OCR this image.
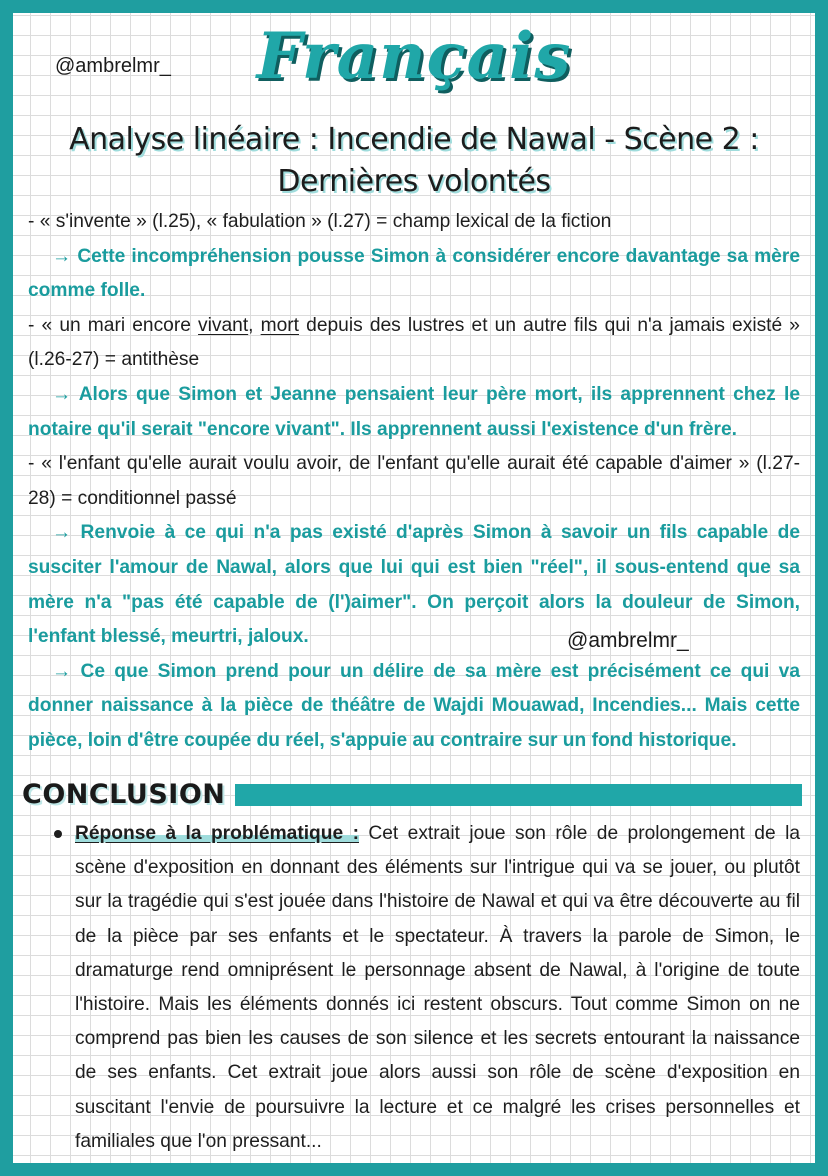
@ambrelmr_	Français
Analyse linéaire : Incendie de Nawal - Scène 2 : Dernières volontés

- « s'invente » (l.25), « fabulation » (l.27) = champ lexical de la fiction

→ Cette incompréhension pousse Simon à considérer encore davantage sa mère comme folle.

- « un mari encore vivant, mort depuis des lustres et un autre fils qui n'a jamais existé » (l.26-27) = antithèse

→ Alors que Simon et Jeanne pensaient leur père mort, ils apprennent chez le notaire qu'il serait "encore vivant". Ils apprennent aussi l'existence d'un frère.

- « l'enfant qu'elle aurait voulu avoir, de l'enfant qu'elle aurait été capable d'aimer » (l.27-28) = conditionnel passé

→ Renvoie à ce qui n'a pas existé d'après Simon à savoir un fils capable de susciter l'amour de Nawal, alors que lui qui est bien "réel", il sous-entend que sa mère n'a "pas été capable de (l')aimer". On perçoit alors la douleur de Simon, l'enfant blessé, meurtri, jaloux.

→ Ce que Simon prend pour un délire de sa mère est précisément ce qui va donner naissance à la pièce de théâtre de Wajdi Mouawad, Incendies... Mais cette pièce, loin d'être coupée du réel, s'appuie au contraire sur un fond historique.

@ambrelmr_
CONCLUSION
Réponse à la problématique : Cet extrait joue son rôle de prolongement de la scène d'exposition en donnant des éléments sur l'intrigue qui va se jouer, ou plutôt sur la tragédie qui s'est jouée dans l'histoire de Nawal et qui va être découverte au fil de la pièce par ses enfants et le spectateur. À travers la parole de Simon, le dramaturge rend omniprésent le personnage absent de Nawal, à l'origine de toute l'histoire. Mais les éléments donnés ici restent obscurs. Tout comme Simon on ne comprend pas bien les causes de son silence et les secrets entourant la naissance de ses enfants. Cet extrait joue alors aussi son rôle de scène d'exposition en suscitant l'envie de poursuivre la lecture et ce malgré les crises personnelles et familiales que l'on pressant...
